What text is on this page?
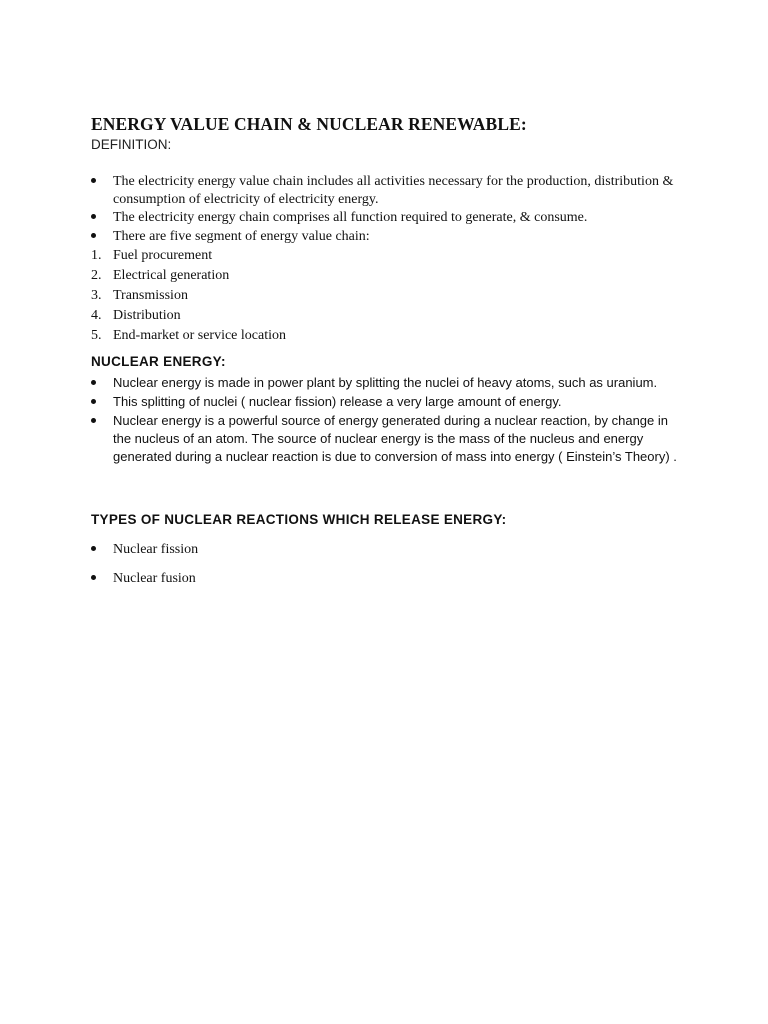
ENERGY VALUE CHAIN & NUCLEAR RENEWABLE:
DEFINITION:
The electricity energy value chain includes all activities necessary for the production, distribution & consumption of electricity of electricity energy.
The electricity energy chain comprises all function required to generate, & consume.
There are five segment of energy value chain:
1. Fuel procurement
2. Electrical generation
3. Transmission
4. Distribution
5. End-market or service location
NUCLEAR ENERGY:
Nuclear energy is made in power plant by splitting the nuclei of heavy atoms, such as uranium.
This splitting of nuclei ( nuclear fission) release a very large amount of energy.
Nuclear energy is a powerful source of energy generated during a nuclear reaction, by change in the nucleus of an atom. The source of nuclear energy is the mass of the nucleus and energy generated during a nuclear reaction is due to conversion of mass into energy ( Einstein’s Theory) .
TYPES OF NUCLEAR REACTIONS WHICH RELEASE ENERGY:
Nuclear fission
Nuclear fusion
